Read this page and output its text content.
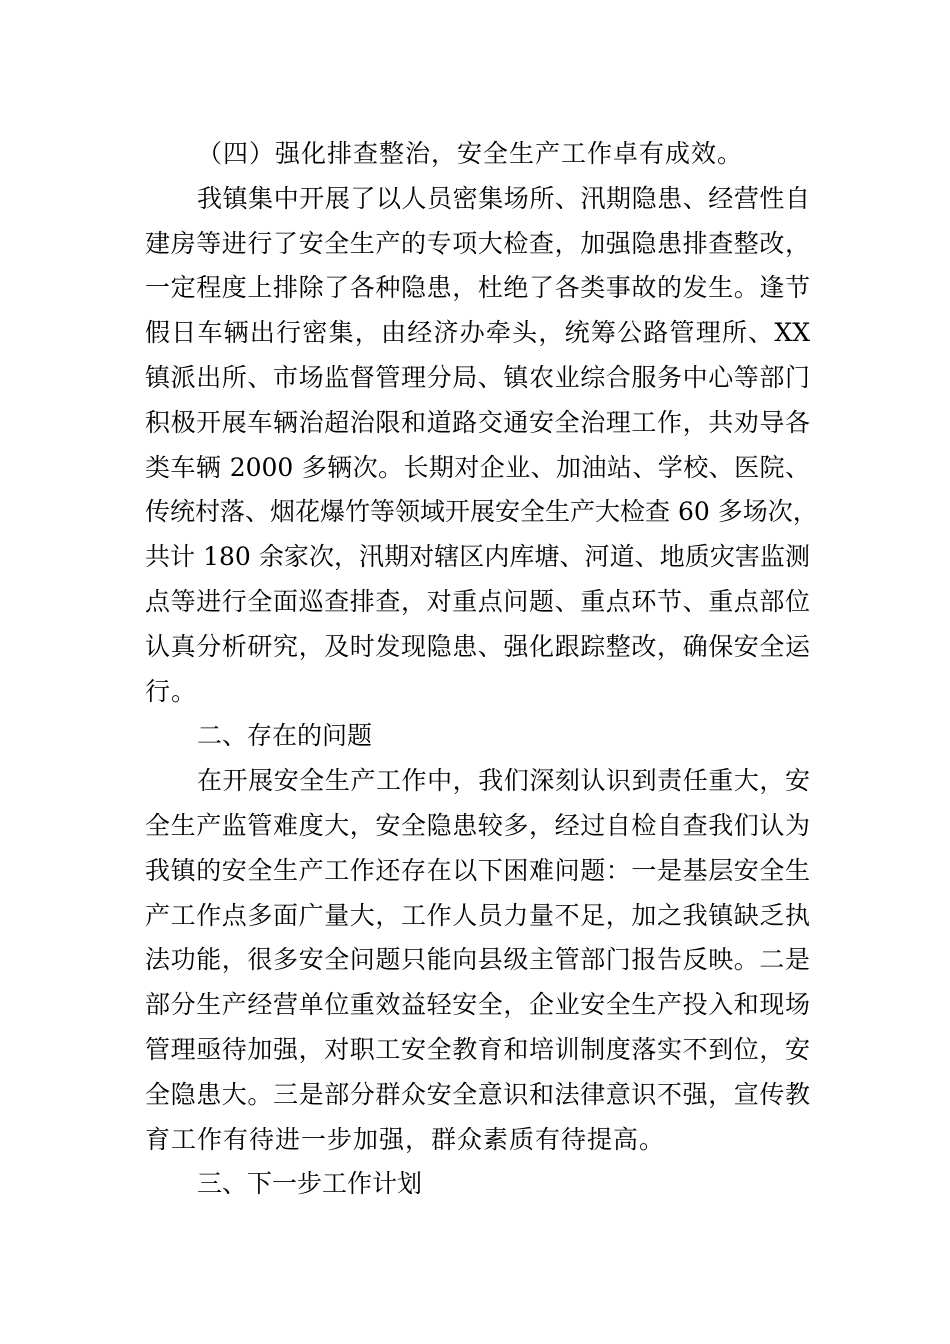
（四）强化排查整治，安全生产工作卓有成效。
我镇集中开展了以人员密集场所、汛期隐患、经营性自
建房等进行了安全生产的专项大检查，加强隐患排查整改，
一定程度上排除了各种隐患，杜绝了各类事故的发生。逢节
假日车辆出行密集，由经济办牵头，统筹公路管理所、XX
镇派出所、市场监督管理分局、镇农业综合服务中心等部门
积极开展车辆治超治限和道路交通安全治理工作，共劝导各
类车辆 2000 多辆次。长期对企业、加油站、学校、医院、
传统村落、烟花爆竹等领域开展安全生产大检查 60 多场次，
共计 180 余家次，汛期对辖区内库塘、河道、地质灾害监测
点等进行全面巡查排查，对重点问题、重点环节、重点部位
认真分析研究，及时发现隐患、强化跟踪整改，确保安全运
行。
二、存在的问题
在开展安全生产工作中，我们深刻认识到责任重大，安
全生产监管难度大，安全隐患较多，经过自检自查我们认为
我镇的安全生产工作还存在以下困难问题：一是基层安全生
产工作点多面广量大，工作人员力量不足，加之我镇缺乏执
法功能，很多安全问题只能向县级主管部门报告反映。二是
部分生产经营单位重效益轻安全，企业安全生产投入和现场
管理亟待加强，对职工安全教育和培训制度落实不到位，安
全隐患大。三是部分群众安全意识和法律意识不强，宣传教
育工作有待进一步加强，群众素质有待提高。
三、下一步工作计划
